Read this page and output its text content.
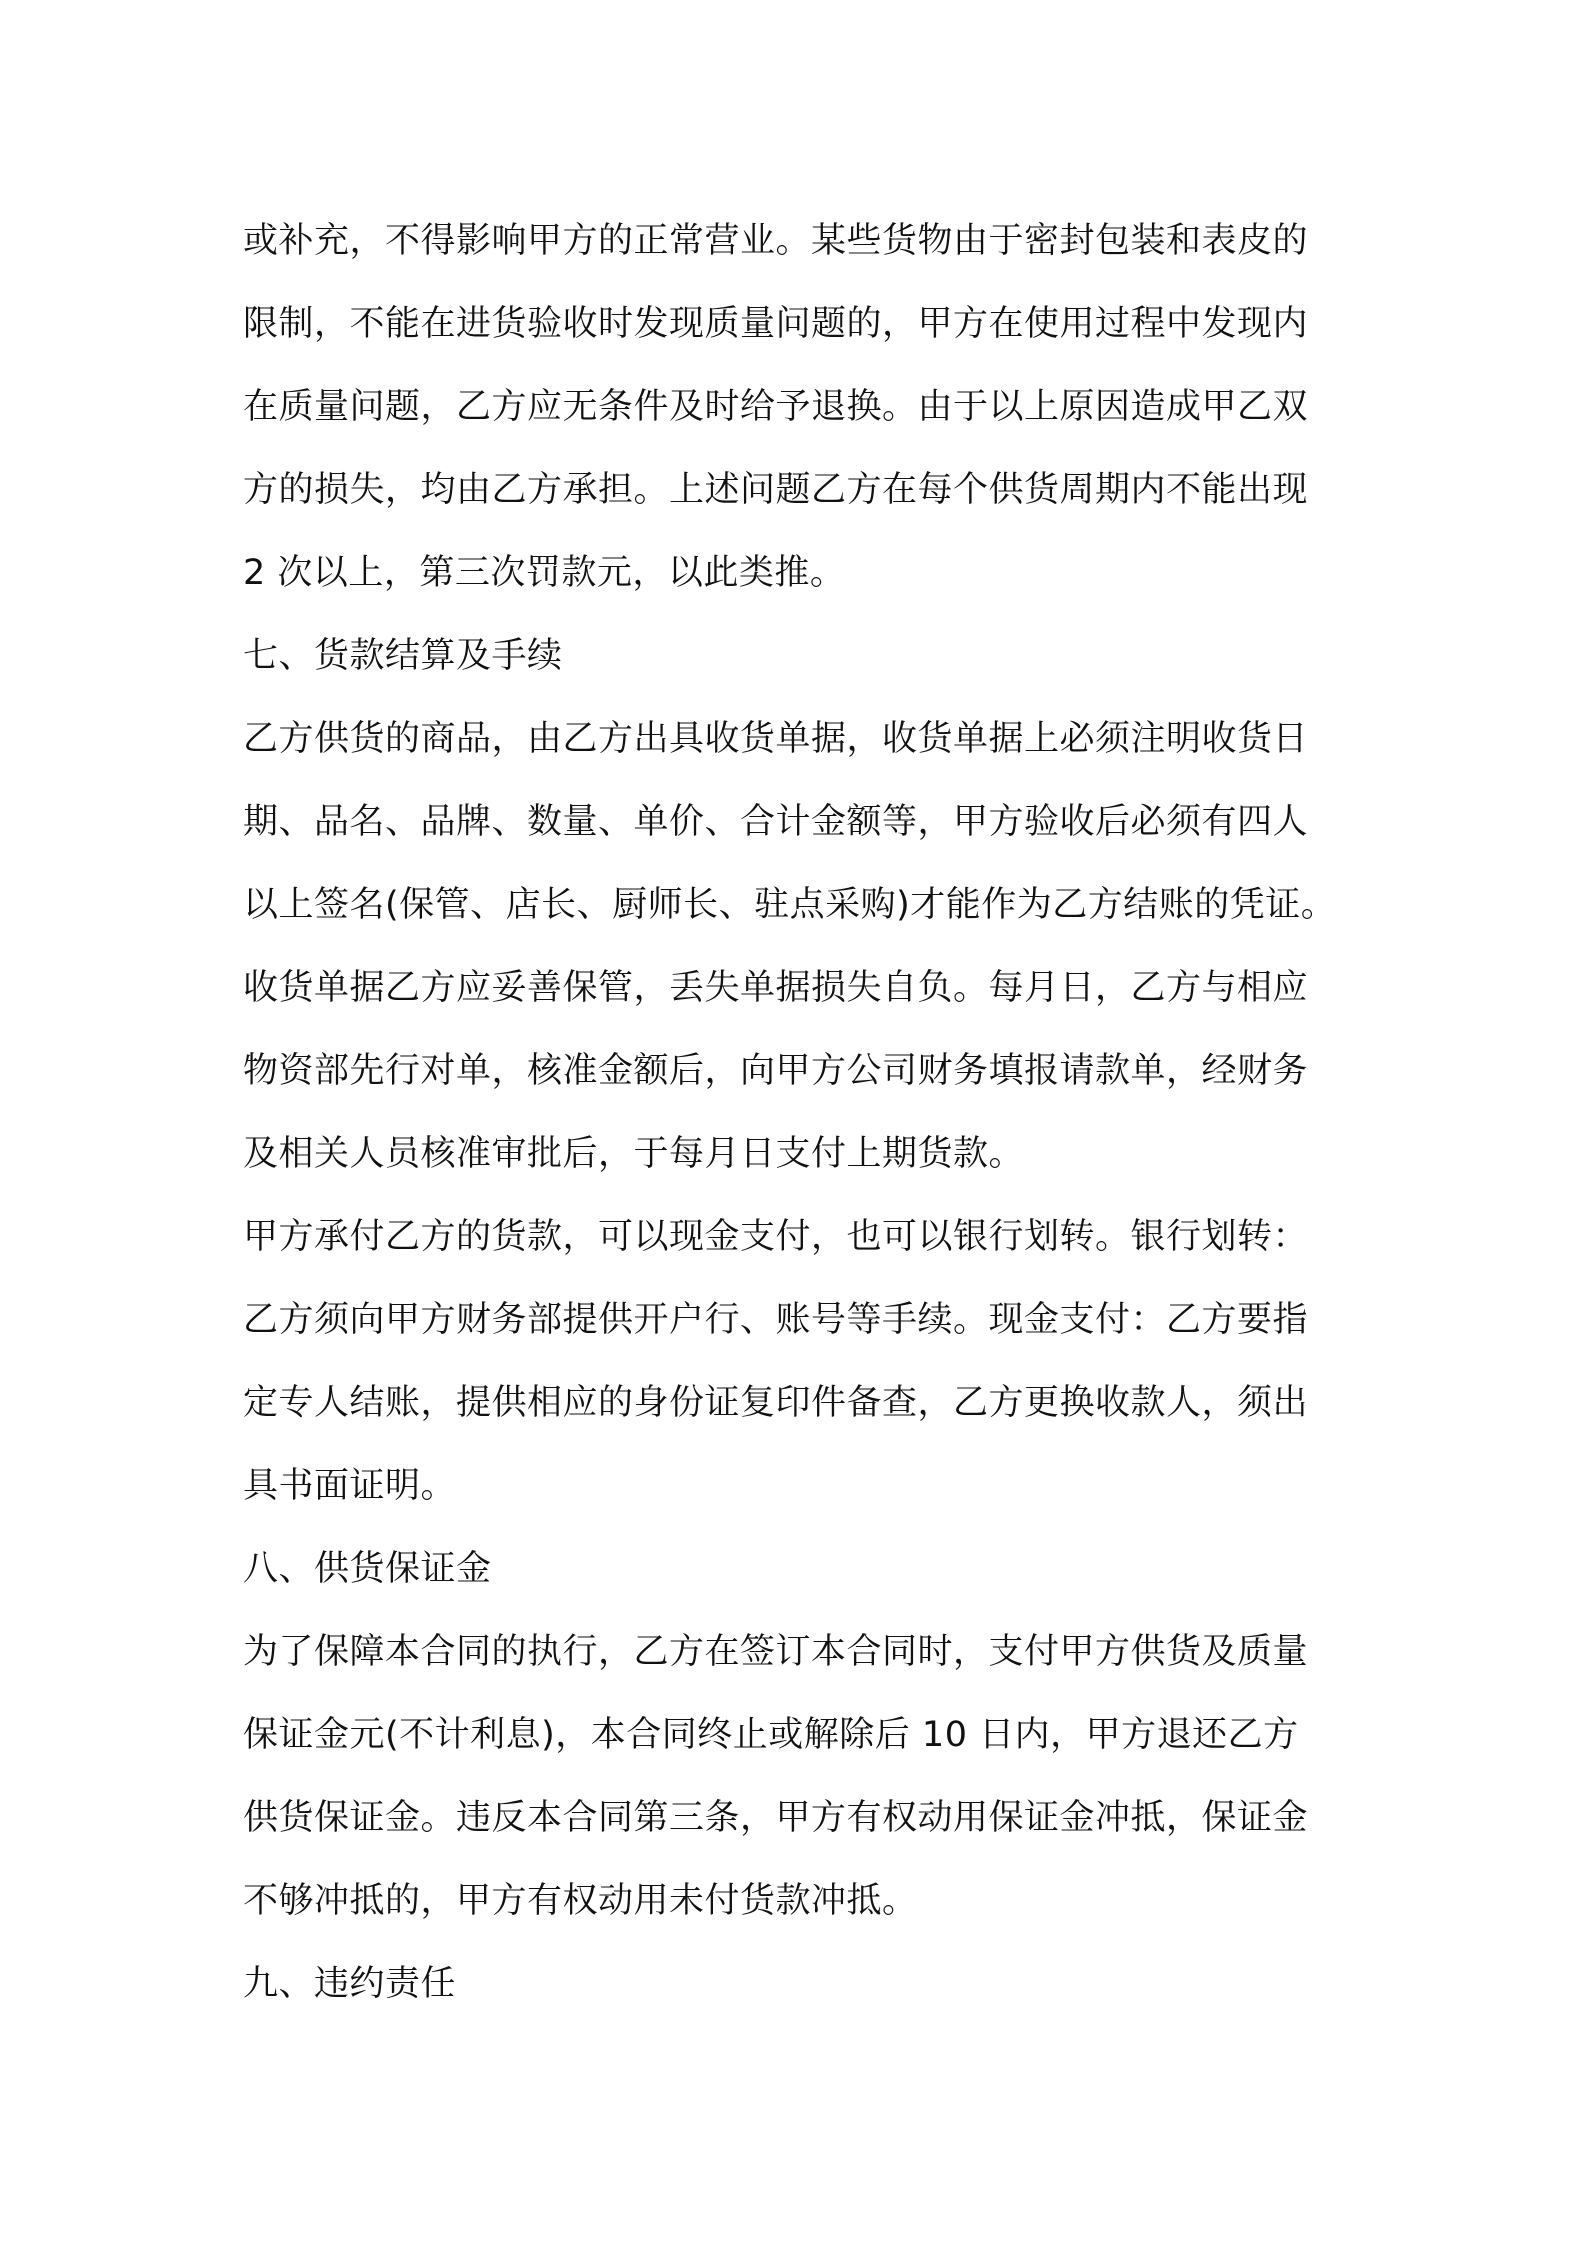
或补充，不得影响甲方的正常营业。某些货物由于密封包装和表皮的
限制，不能在进货验收时发现质量问题的，甲方在使用过程中发现内
在质量问题，乙方应无条件及时给予退换。由于以上原因造成甲乙双
方的损失，均由乙方承担。上述问题乙方在每个供货周期内不能出现
2 次以上，第三次罚款元，以此类推。
七、货款结算及手续
乙方供货的商品，由乙方出具收货单据，收货单据上必须注明收货日
期、品名、品牌、数量、单价、合计金额等，甲方验收后必须有四人
以上签名(保管、店长、厨师长、驻点采购)才能作为乙方结账的凭证。
收货单据乙方应妥善保管，丢失单据损失自负。每月日，乙方与相应
物资部先行对单，核准金额后，向甲方公司财务填报请款单，经财务
及相关人员核准审批后，于每月日支付上期货款。
甲方承付乙方的货款，可以现金支付，也可以银行划转。银行划转：
乙方须向甲方财务部提供开户行、账号等手续。现金支付：乙方要指
定专人结账，提供相应的身份证复印件备查，乙方更换收款人，须出
具书面证明。
八、供货保证金
为了保障本合同的执行，乙方在签订本合同时，支付甲方供货及质量
保证金元(不计利息)，本合同终止或解除后 10 日内，甲方退还乙方
供货保证金。违反本合同第三条，甲方有权动用保证金冲抵，保证金
不够冲抵的，甲方有权动用未付货款冲抵。
九、违约责任
